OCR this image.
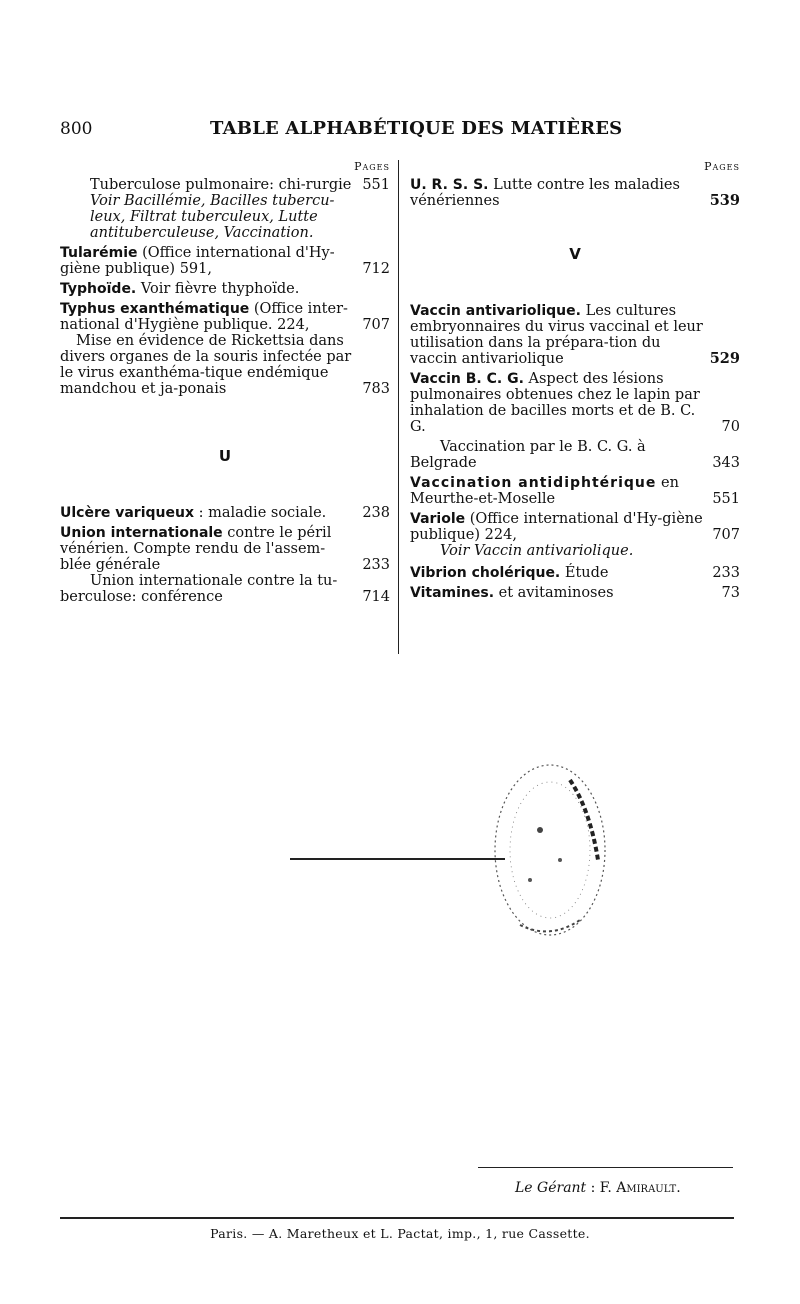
800	TABLE ALPHABÉTIQUE DES MATIÈRES
Pages
Tuberculose pulmonaire: chi-rurgie 551
Voir Bacillémie, Bacilles tubercu-leux, Filtrat tuberculeux, Lutte antituberculeuse, Vaccination.
Tularémie (Office international d'Hy-giène publique) 591,	712
Typhoïde. Voir fièvre thyphoïde.
Typhus exanthématique (Office inter-national d'Hygiène publique. 224,	707
Mise en évidence de Rickettsia dans divers organes de la souris infectée par le virus exanthéma-tique endémique mandchou et ja-ponais	783
U
Ulcère variqueux : maladie sociale.	238
Union internationale contre le péril vénérien. Compte rendu de l'assem-blée générale	233
Union internationale contre la tu-berculose: conférence	714
Pages
U. R. S. S. Lutte contre les maladies vénériennes	539
V
Vaccin antivariolique. Les cultures embryonnaires du virus vaccinal et leur utilisation dans la prépara-tion du vaccin antivariolique	529
Vaccin B. C. G. Aspect des lésions pulmonaires obtenues chez le lapin par inhalation de bacilles morts et de B. C. G.	70
Vaccination par le B. C. G. à Belgrade	343
Vaccination antidiphtérique en Meurthe-et-Moselle	551
Variole (Office international d'Hy-giène publique) 224,	707
Voir Vaccin antivariolique.
Vibrion cholérique. Étude	233
Vitamines. et avitaminoses	73
Le Gérant : F. Amirault.
Paris. — A. Maretheux et L. Pactat, imp., 1, rue Cassette.
